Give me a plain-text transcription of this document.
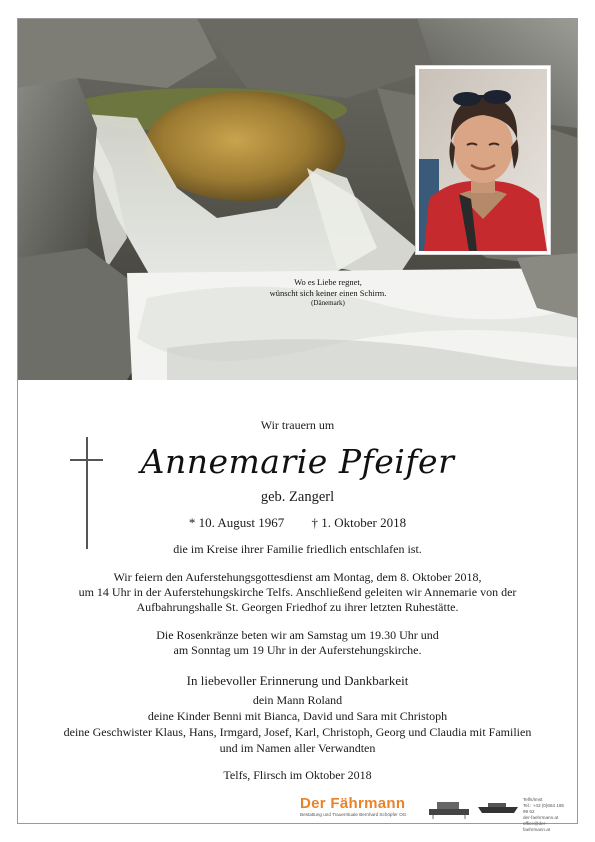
Wo es Liebe regnet,
wünscht sich keiner einen Schirm.
(Dänemark)
Wir trauern um
Annemarie Pfeifer
geb. Zangerl
* 10. August 1967 † 1. Oktober 2018
die im Kreise ihrer Familie friedlich entschlafen ist.
Wir feiern den Auferstehungsgottesdienst am Montag, dem 8. Oktober 2018,
um 14 Uhr in der Auferstehungskirche Telfs. Anschließend geleiten wir Annemarie von der
Aufbahrungshalle St. Georgen Friedhof zu ihrer letzten Ruhestätte.
Die Rosenkränze beten wir am Samstag um 19.30 Uhr und
am Sonntag um 19 Uhr in der Auferstehungskirche.
In liebevoller Erinnerung und Dankbarkeit
dein Mann Roland
deine Kinder Benni mit Bianca, David und Sara mit Christoph
deine Geschwister Klaus, Hans, Irmgard, Josef, Karl, Christoph, Georg und Claudia mit Familien
und im Namen aller Verwandten
Telfs, Flirsch im Oktober 2018
Der Fährmann
Bestattung und Trauerrituale Bernhard Schöpfer OG
Telfs/Imst
Tel.: +43 (0)664 195 99 62
der-faehrmann.at office@der-faehrmann.at
